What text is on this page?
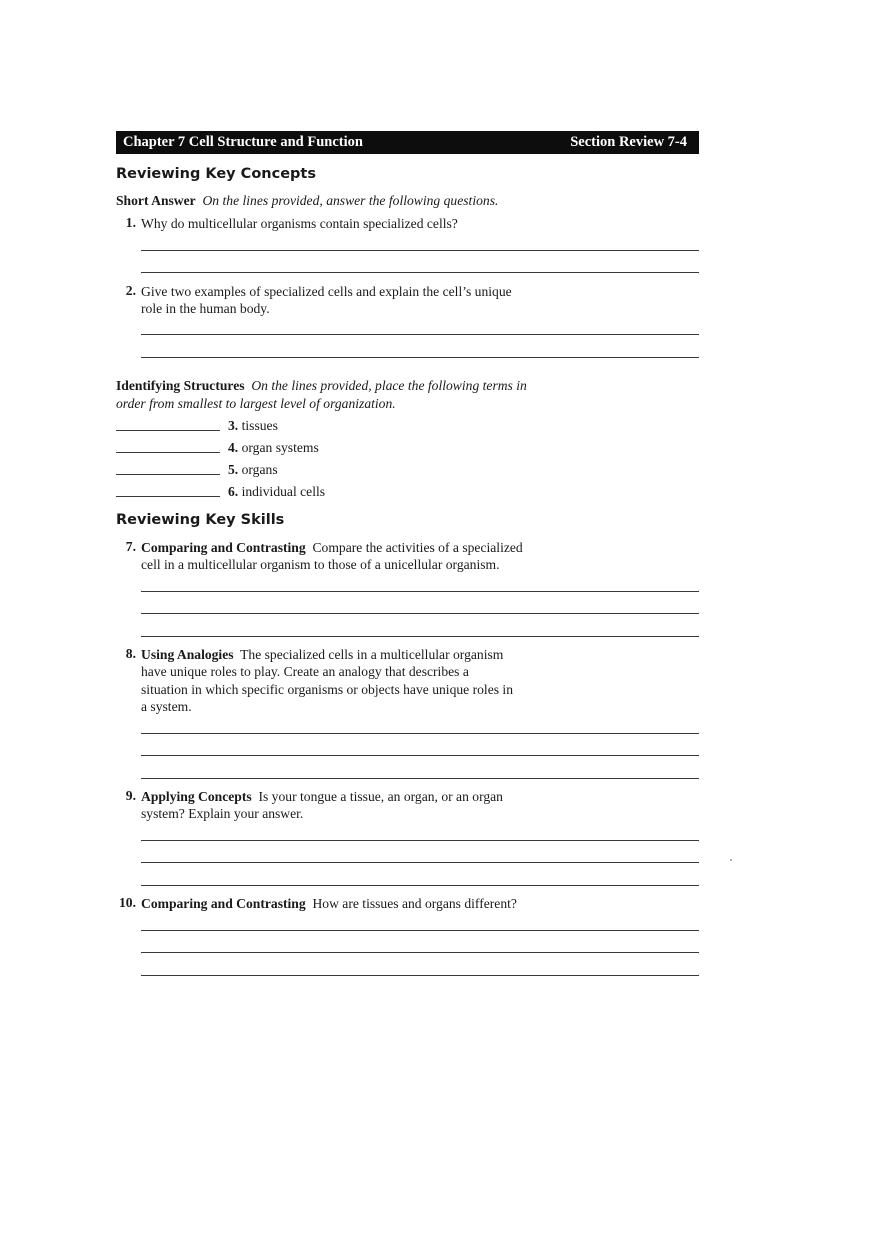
Chapter 7 Cell Structure and Function	Section Review 7-4
Reviewing Key Concepts
Short Answer On the lines provided, answer the following questions.
1. Why do multicellular organisms contain specialized cells?
2. Give two examples of specialized cells and explain the cell’s unique
role in the human body.
Identifying Structures On the lines provided, place the following terms in
order from smallest to largest level of organization.
3. tissues
4. organ systems
5. organs
6. individual cells
Reviewing Key Skills
7. Comparing and Contrasting Compare the activities of a specialized
cell in a multicellular organism to those of a unicellular organism.
8. Using Analogies The specialized cells in a multicellular organism
have unique roles to play. Create an analogy that describes a
situation in which specific organisms or objects have unique roles in
a system.
9. Applying Concepts Is your tongue a tissue, an organ, or an organ
system? Explain your answer.
10. Comparing and Contrasting How are tissues and organs different?
